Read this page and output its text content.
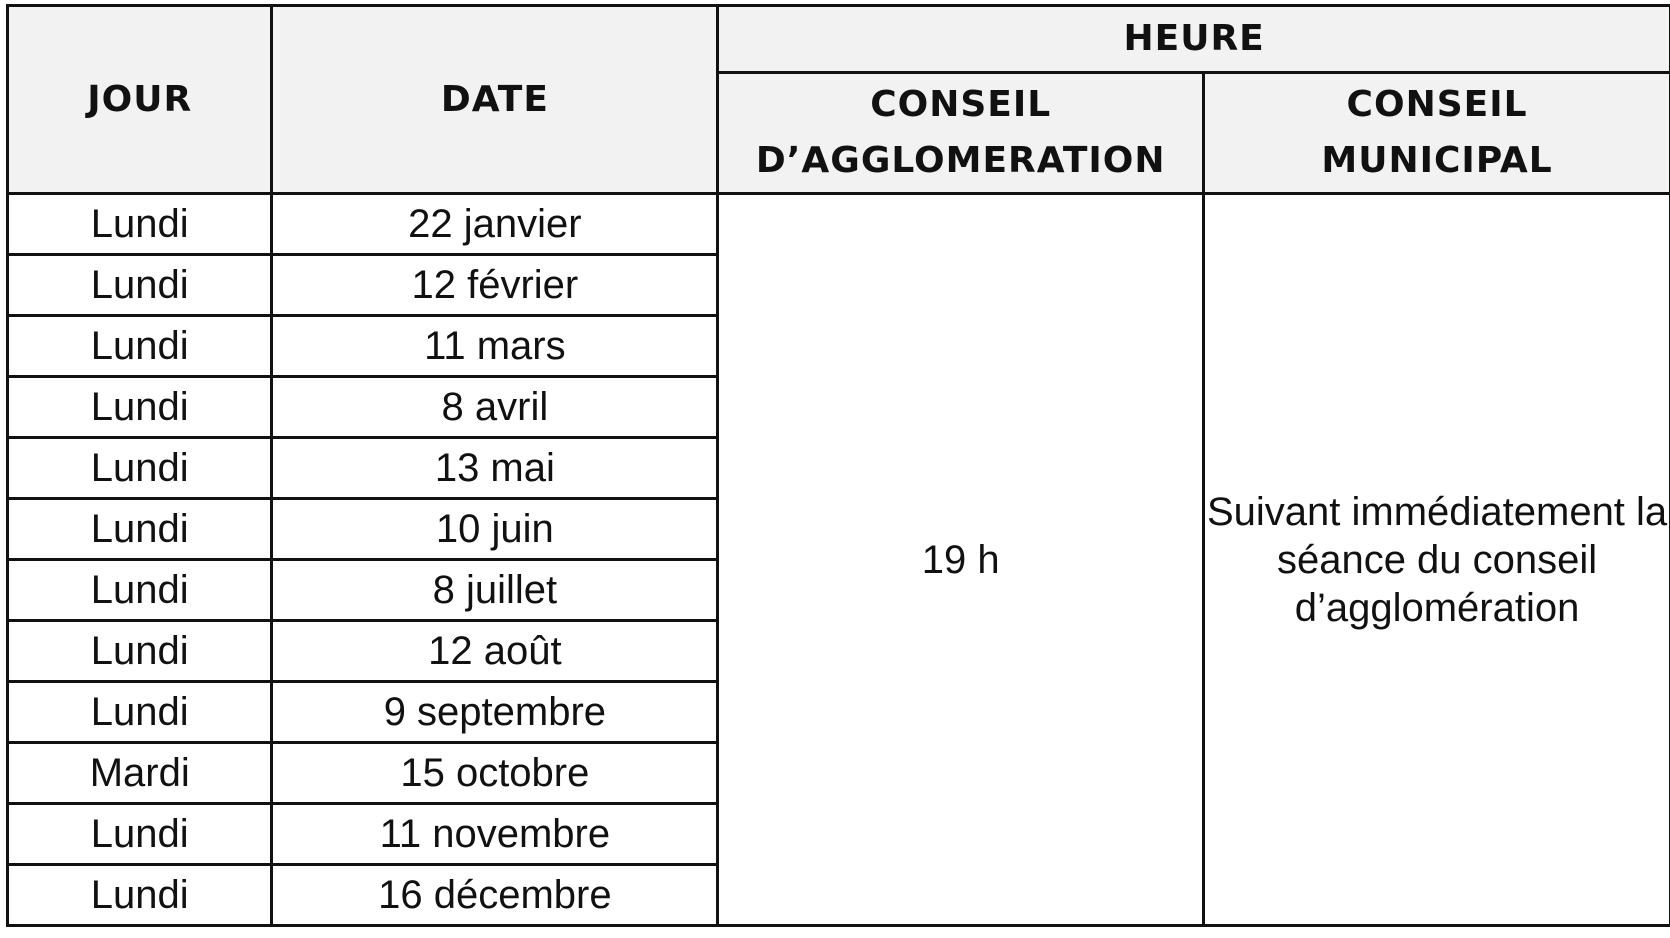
JOUR	DATE	HEURE	
		CONSEIL D’AGGLOMERATION	CONSEIL MUNICIPAL
Lundi	22 janvier	19 h	Suivant immédiatement la séance du conseil d’agglomération
Lundi	12 février		
Lundi	11 mars		
Lundi	8 avril		
Lundi	13 mai		
Lundi	10 juin		
Lundi	8 juillet		
Lundi	12 août		
Lundi	9 septembre		
Mardi	15 octobre		
Lundi	11 novembre		
Lundi	16 décembre		
